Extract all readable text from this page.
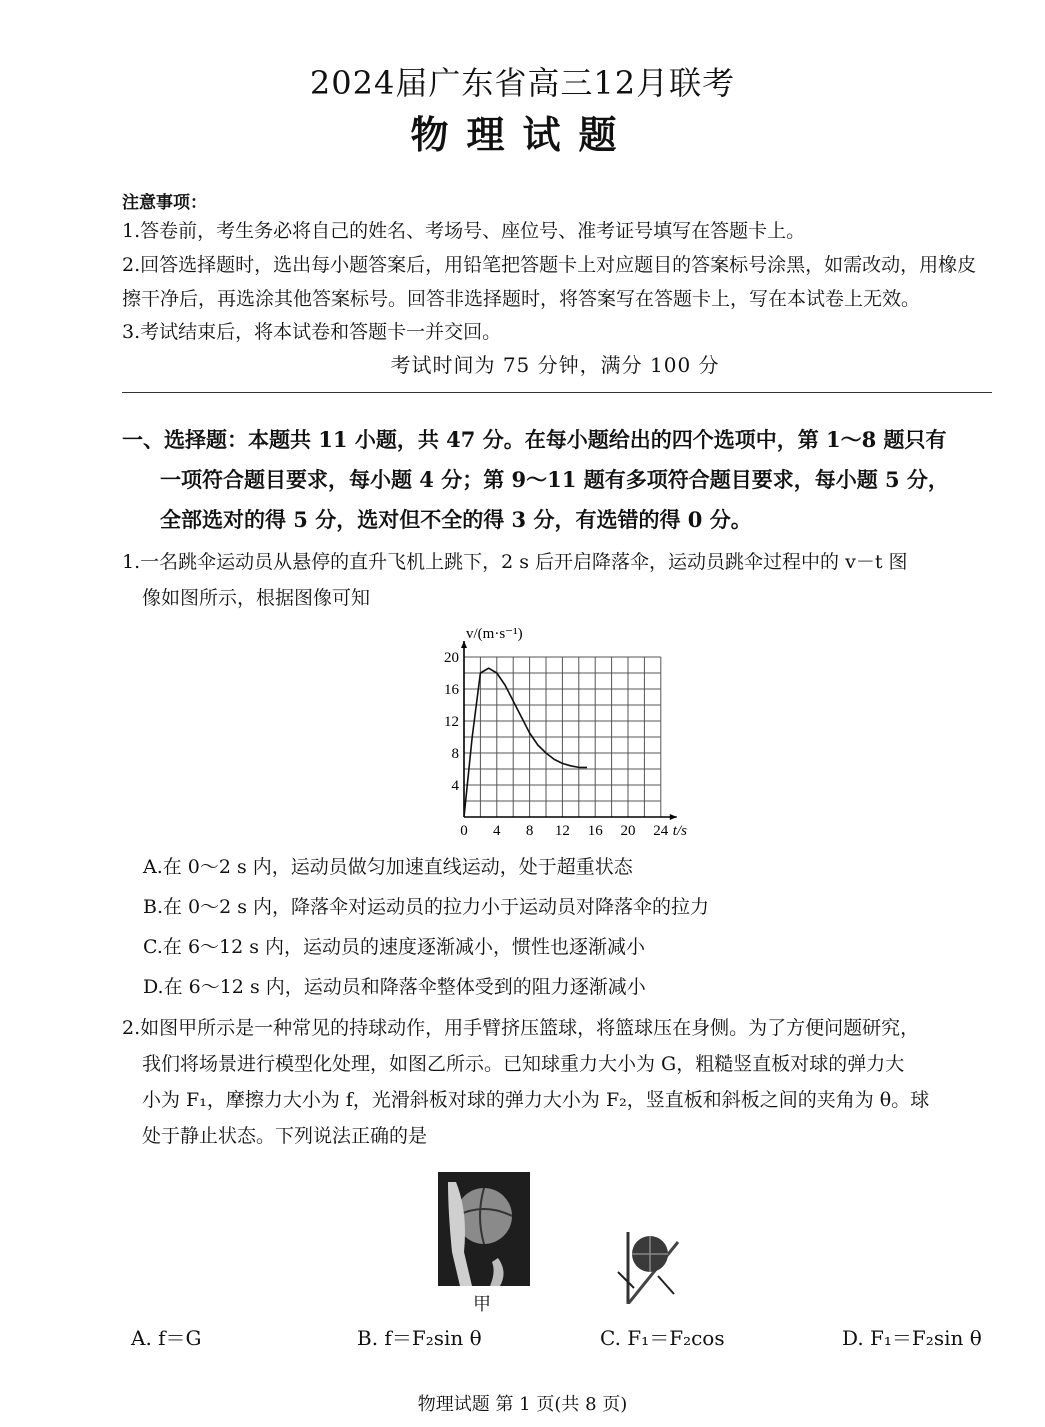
2024届广东省高三12月联考
物理试题
注意事项：
1.答卷前，考生务必将自己的姓名、考场号、座位号、准考证号填写在答题卡上。
2.回答选择题时，选出每小题答案后，用铅笔把答题卡上对应题目的答案标号涂黑，如需改动，用橡皮
擦干净后，再选涂其他答案标号。回答非选择题时，将答案写在答题卡上，写在本试卷上无效。
3.考试结束后，将本试卷和答题卡一并交回。
考试时间为 75 分钟，满分 100 分
一、选择题：本题共 11 小题，共 47 分。在每小题给出的四个选项中，第 1～8 题只有
一项符合题目要求，每小题 4 分；第 9～11 题有多项符合题目要求，每小题 5 分，
全部选对的得 5 分，选对但不全的得 3 分，有选错的得 0 分。
1.一名跳伞运动员从悬停的直升飞机上跳下，2 s 后开启降落伞，运动员跳伞过程中的 v－t 图
像如图所示，根据图像可知
0 4 8 12 16 20 24
4
8
12
16
20
v/(m·s⁻¹)
t/s
A.在 0～2 s 内，运动员做匀加速直线运动，处于超重状态
B.在 0～2 s 内，降落伞对运动员的拉力小于运动员对降落伞的拉力
C.在 6～12 s 内，运动员的速度逐渐减小，惯性也逐渐减小
D.在 6～12 s 内，运动员和降落伞整体受到的阻力逐渐减小
2.如图甲所示是一种常见的持球动作，用手臂挤压篮球，将篮球压在身侧。为了方便问题研究，
我们将场景进行模型化处理，如图乙所示。已知球重力大小为 G，粗糙竖直板对球的弹力大
小为 F₁，摩擦力大小为 f，光滑斜板对球的弹力大小为 F₂，竖直板和斜板之间的夹角为 θ。球
处于静止状态。下列说法正确的是
甲
A. f＝G	B. f＝F₂sin θ	C. F₁＝F₂cos	D. F₁＝F₂sin θ
物理试题 第 1 页(共 8 页)
